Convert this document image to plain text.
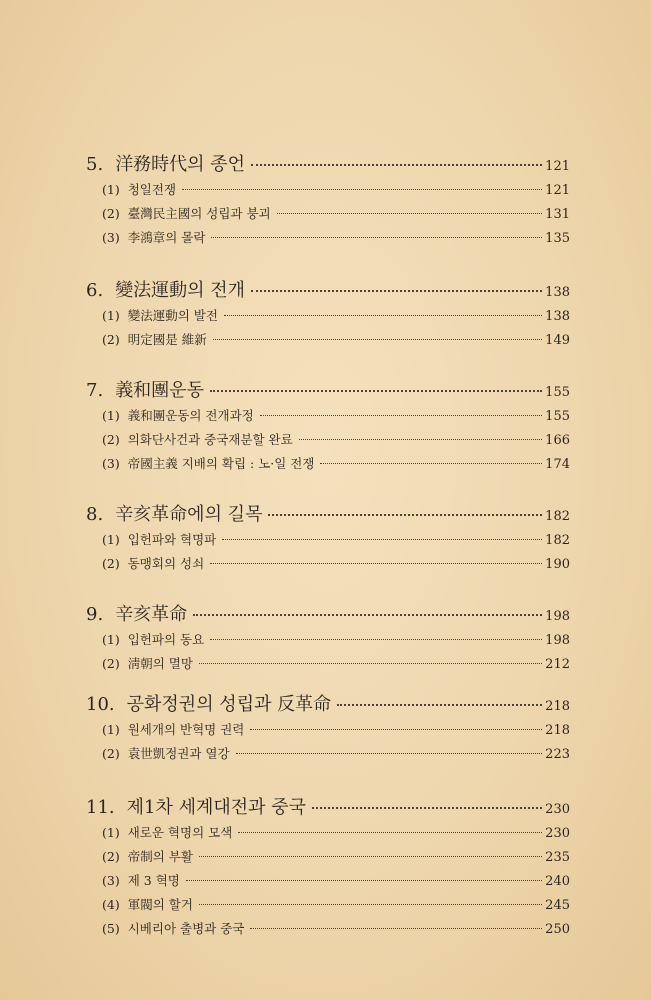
5. 洋務時代의 종언	121
(1) 청일전쟁	121
(2) 臺灣民主國의 성립과 붕괴	131
(3) 李鴻章의 몰락	135
6. 變法運動의 전개	138
(1) 變法運動의 발전	138
(2) 明定國是 維新	149
7. 義和團운동	155
(1) 義和團운동의 전개과정	155
(2) 의화단사건과 중국재분할 완료	166
(3) 帝國主義 지배의 확립 : 노·일 전쟁	174
8. 辛亥革命에의 길목	182
(1) 입헌파와 혁명파	182
(2) 동맹회의 성쇠	190
9. 辛亥革命	198
(1) 입헌파의 동요	198
(2) 淸朝의 멸망	212
10. 공화정권의 성립과 反革命	218
(1) 원세개의 반혁명 권력	218
(2) 袁世凱정권과 열강	223
11. 제1차 세계대전과 중국	230
(1) 새로운 혁명의 모색	230
(2) 帝制의 부활	235
(3) 제 3 혁명	240
(4) 軍閥의 할거	245
(5) 시베리아 출병과 중국	250
